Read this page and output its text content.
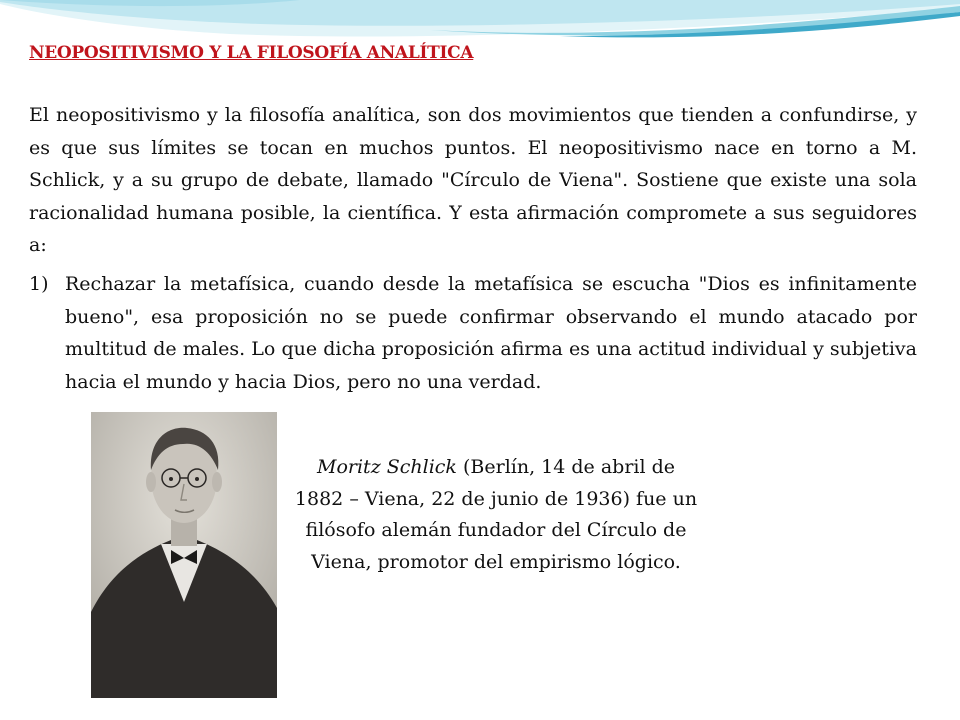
NEOPOSITIVISMO Y LA FILOSOFÍA ANALÍTICA

El neopositivismo y la filosofía analítica, son dos movimientos que tienden a confundirse, y es que sus límites se tocan en muchos puntos. El neopositivismo nace en torno a M. Schlick, y a su grupo de debate, llamado "Círculo de Viena". Sostiene que existe una sola racionalidad humana posible, la científica. Y esta afirmación compromete a sus seguidores a:

1) Rechazar la metafísica, cuando desde la metafísica se escucha "Dios es infinitamente bueno", esa proposición no se puede confirmar observando el mundo atacado por multitud de males. Lo que dicha proposición afirma es una actitud individual y subjetiva hacia el mundo y hacia Dios, pero no una verdad.

Moritz Schlick (Berlín, 14 de abril de 1882 – Viena, 22 de junio de 1936) fue un filósofo alemán fundador del Círculo de Viena, promotor del empirismo lógico.
